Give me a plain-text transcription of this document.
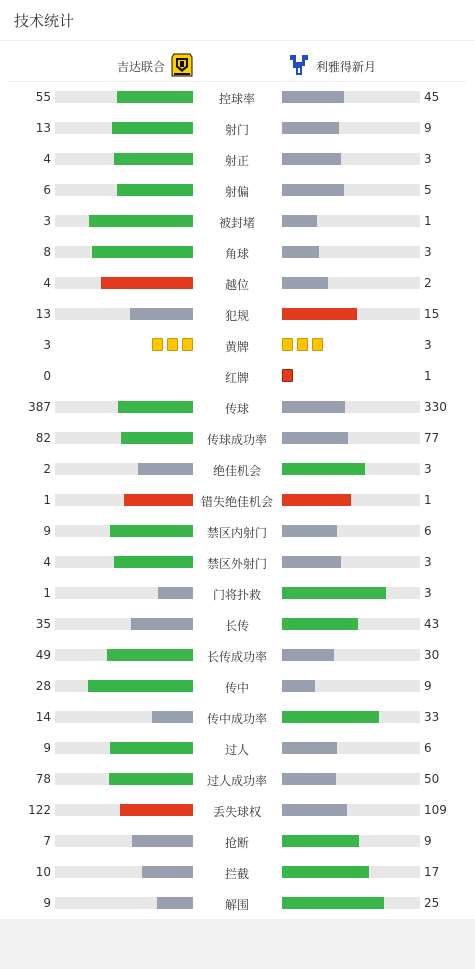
技术统计
吉达联合	利雅得新月
55	控球率	45
13	射门	9
4	射正	3
6	射偏	5
3	被封堵	1
8	角球	3
4	越位	2
13	犯规	15
3	黄牌	3
0	红牌	1
387	传球	330
82	传球成功率	77
2	绝佳机会	3
1	错失绝佳机会	1
9	禁区内射门	6
4	禁区外射门	3
1	门将扑救	3
35	长传	43
49	长传成功率	30
28	传中	9
14	传中成功率	33
9	过人	6
78	过人成功率	50
122	丢失球权	109
7	抢断	9
10	拦截	17
9	解围	25
